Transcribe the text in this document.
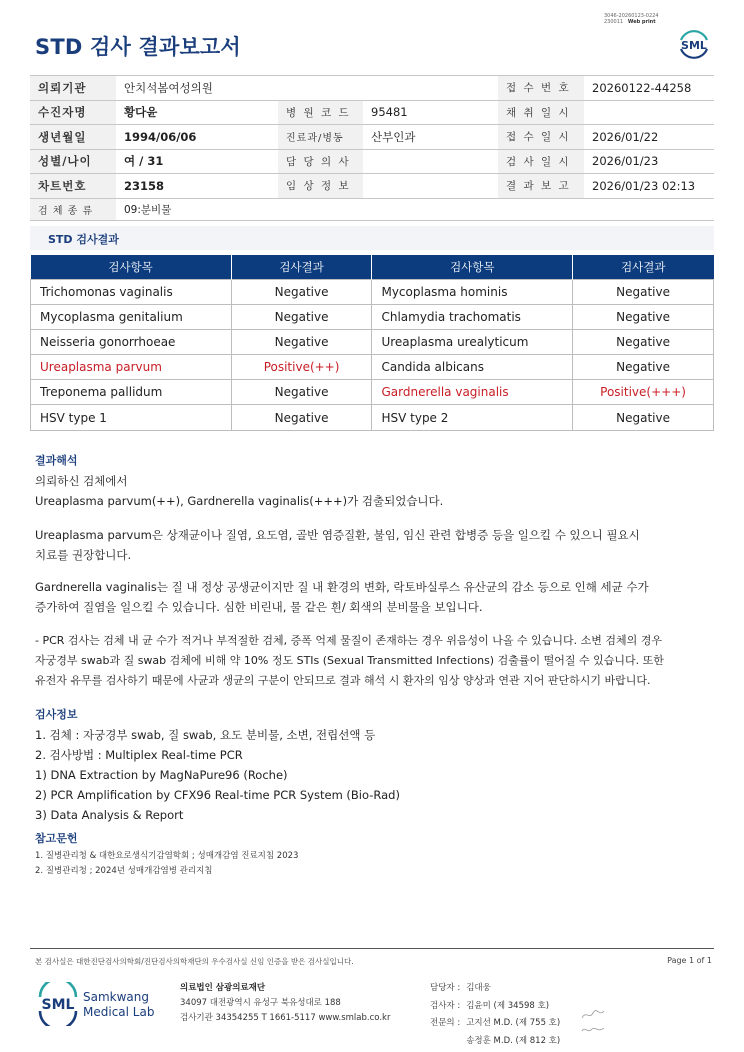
3046-20260123-0224
230011 Web print
STD 검사 결과보고서	SML
의뢰기관	안치석봄여성의원			접 수 번 호	20260122-44258
수진자명	황다윤	병 원 코 드	95481	채 취 일 시	
생년월일	1994/06/06	진료과/병동	산부인과	접 수 일 시	2026/01/22
성별/나이	여 / 31	담 당 의 사		검 사 일 시	2026/01/23
차트번호	23158	임 상 정 보		결 과 보 고	2026/01/23 02:13
검 체 종 류	09:분비물				
STD 검사결과
검사항목	검사결과	검사항목	검사결과
Trichomonas vaginalis	Negative	Mycoplasma hominis	Negative
Mycoplasma genitalium	Negative	Chlamydia trachomatis	Negative
Neisseria gonorrhoeae	Negative	Ureaplasma urealyticum	Negative
Ureaplasma parvum	Positive(++)	Candida albicans	Negative
Treponema pallidum	Negative	Gardnerella vaginalis	Positive(+++)
HSV type 1	Negative	HSV type 2	Negative
결과해석
의뢰하신 검체에서
Ureaplasma parvum(++), Gardnerella vaginalis(+++)가 검출되었습니다.
Ureaplasma parvum은 상재균이나 질염, 요도염, 골반 염증질환, 불임, 임신 관련 합병증 등을 일으킬 수 있으니 필요시
치료를 권장합니다.
Gardnerella vaginalis는 질 내 정상 공생균이지만 질 내 환경의 변화, 락토바실루스 유산균의 감소 등으로 인해 세균 수가
증가하여 질염을 일으킬 수 있습니다. 심한 비린내, 물 같은 흰/ 회색의 분비물을 보입니다.
- PCR 검사는 검체 내 균 수가 적거나 부적절한 검체, 증폭 억제 물질이 존재하는 경우 위음성이 나올 수 있습니다. 소변 검체의 경우
자궁경부 swab과 질 swab 검체에 비해 약 10% 정도 STIs (Sexual Transmitted Infections) 검출률이 떨어질 수 있습니다. 또한
유전자 유무를 검사하기 때문에 사균과 생균의 구분이 안되므로 결과 해석 시 환자의 임상 양상과 연관 지어 판단하시기 바랍니다.
검사정보
1. 검체 : 자궁경부 swab, 질 swab, 요도 분비물, 소변, 전립선액 등
2. 검사방법 : Multiplex Real-time PCR
1) DNA Extraction by MagNaPure96 (Roche)
2) PCR Amplification by CFX96 Real-time PCR System (Bio-Rad)
3) Data Analysis & Report
참고문헌
1. 질병관리청 & 대한요로생식기감염학회 ; 성매개감염 진료지침 2023
2. 질병관리청 ; 2024년 성매개감염병 관리지침
본 검사실은 대한진단검사의학회/진단검사의학재단의 우수검사실 신임 인증을 받은 검사실입니다.	Page 1 of 1
SML Samkwang
Medical Lab
의료법인 삼광의료재단
34097 대전광역시 유성구 북유성대로 188
검사기관 34354255 T 1661-5117 www.smlab.co.kr
담당자 :	김대웅
검사자 :	김윤미 (제 34598 호)
전문의 :	고지선 M.D. (제 755 호)
	송정훈 M.D. (제 812 호)
